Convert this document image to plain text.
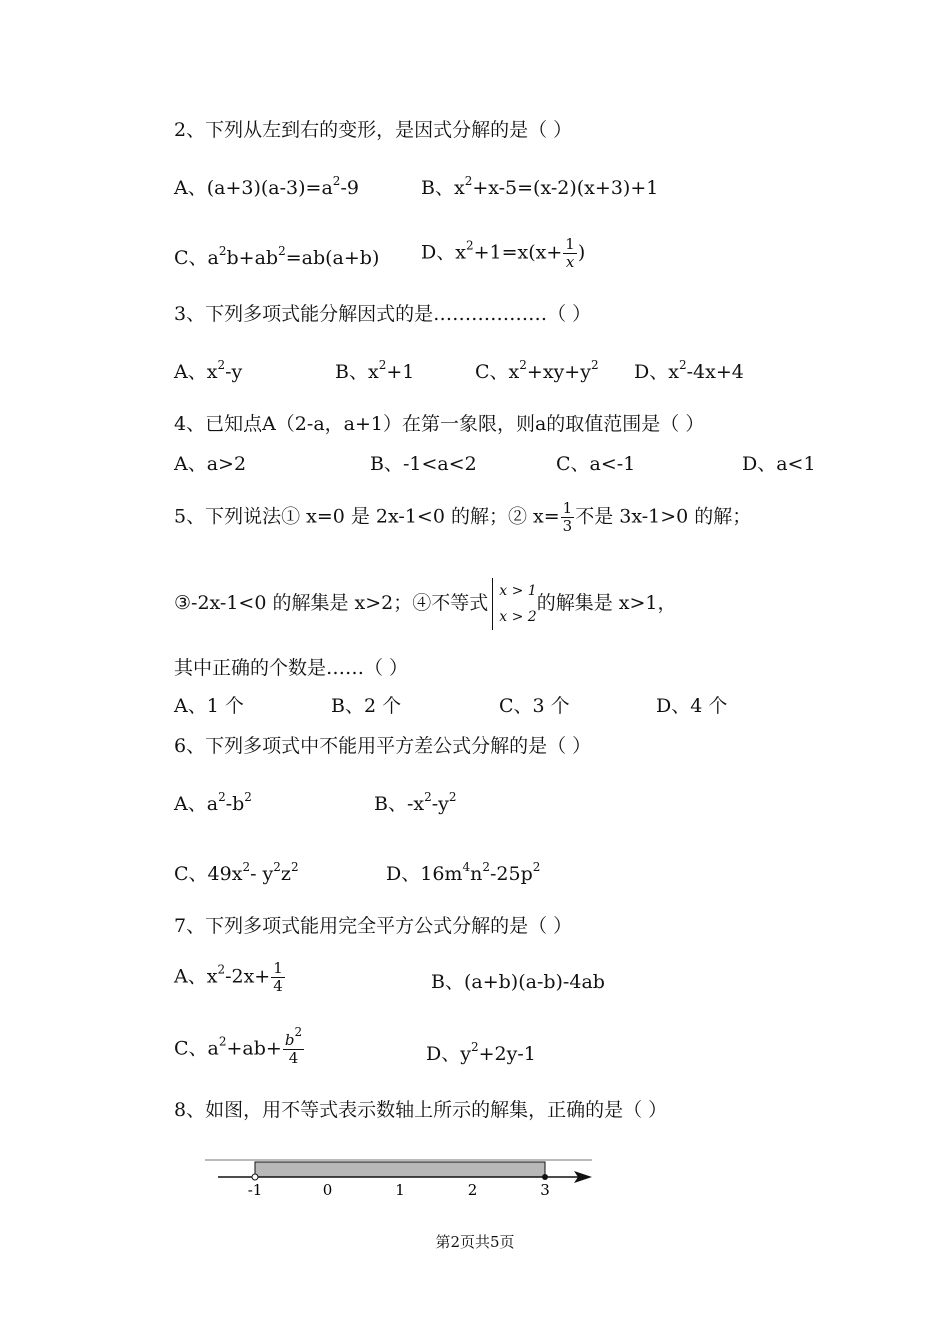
2、下列从左到右的变形，是因式分解的是（ ）
A、$(a+3)(a-3)=a^2-9$	B、$x^2+x-5=(x-2)(x+3)+1$
C、$a^2b+ab^2=ab(a+b)$ D、$x^2+1=x(x+ \frac{1}{x}$ )
3、下列多项式能分解因式的是………………（ ）
A、$x^2-y$	B、$x^2+1$	C、$x^2+xy+y^2$ D、$x^2-4x+4$
4、已知点A（2-a，a+1）在第一象限，则a的取值范围是（ ）
A、a>2	B、-1<a<2	C、a<-1	D、a<1
5、下列说法① x=0 是 2x-1<0 的解；② $x= \frac{1}{3}$ 不是 3x-1>0 的解；
③-2x-1<0 的解集是 x>2；④不等式
x > 1
x > 2
的解集是 x>1，
其中正确的个数是……（ ）
A、1 个	B、2 个	C、3 个	D、4 个
6、下列多项式中不能用平方差公式分解的是（ ）
A、$a^2-b^2$	B、$-x^2-y^2$
C、$49x^2-$ $y^2z^2$	D、$16m^4n^2-25p^2$
7、下列多项式能用完全平方公式分解的是（ ）
A、$x^2-2x+ \frac{1}{4}$	B、(a+b)(a-b)-4ab
C、$a^2+ab+ \frac{b^2}{4}$	D、$y^2+2y-1$
8、如图，用不等式表示数轴上所示的解集，正确的是（ ）
-1	0	1	2	3
第2页共5页
